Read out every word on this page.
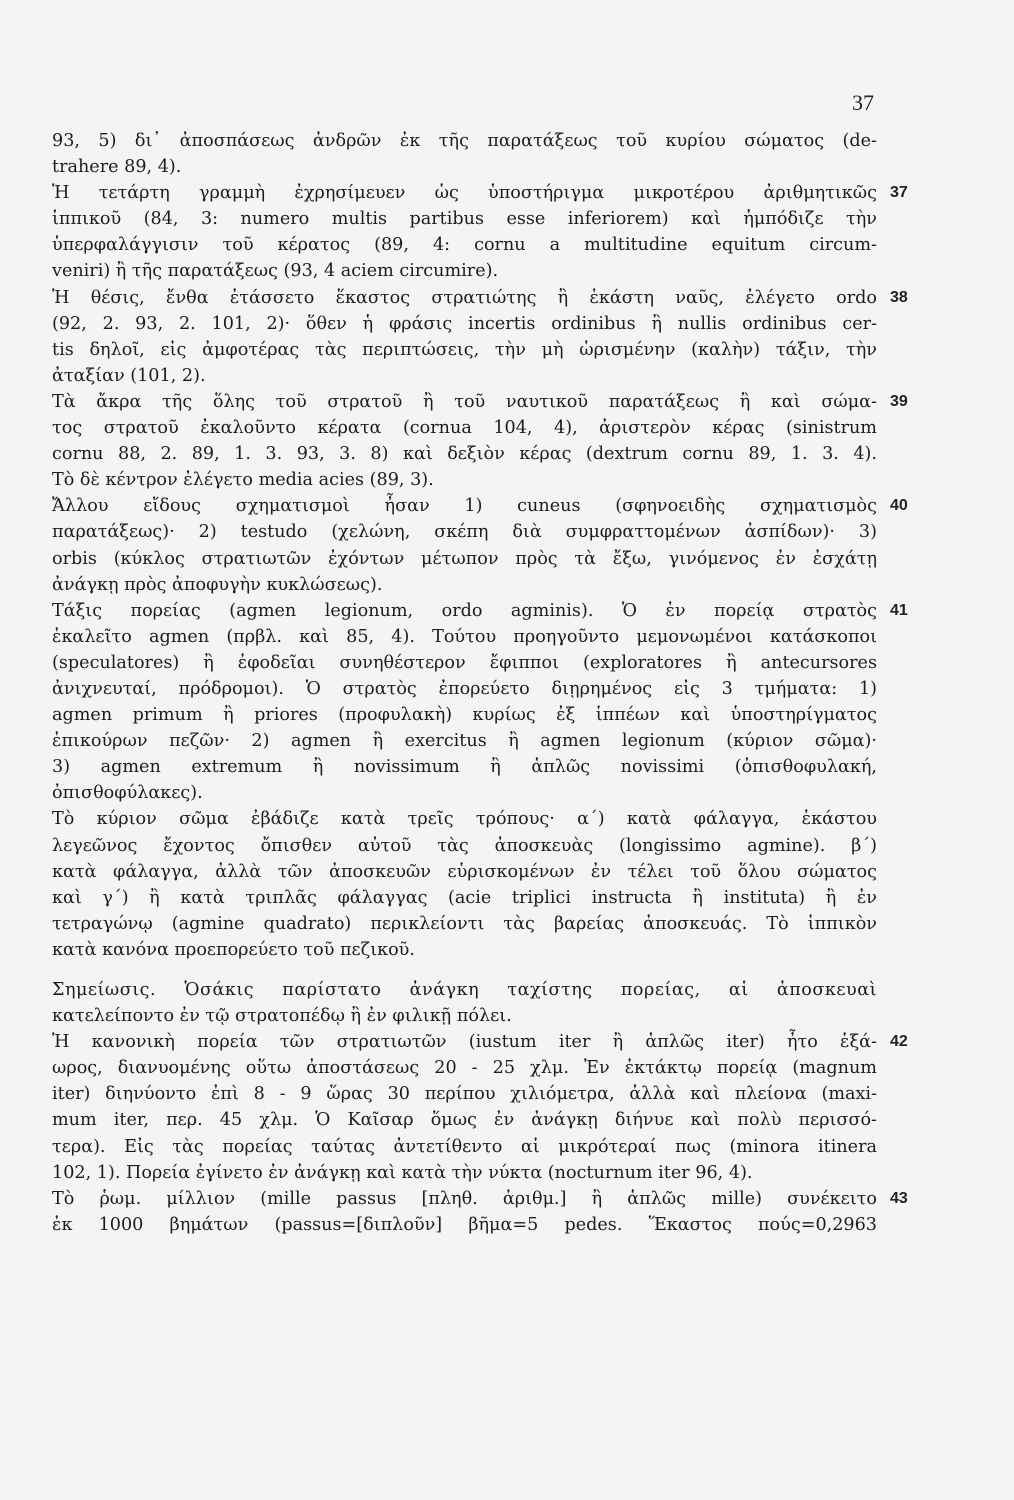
37
93, 5) δι᾽ ἀποσπάσεως ἀνδρῶν ἐκ τῆς παρατάξεως τοῦ κυρίου σώματος (de-
trahere 89, 4).
Ἡ τετάρτη γραμμὴ ἐχρησίμευεν ὡς ὑποστήριγμα μικροτέρου ἀριθμητικῶς 37
ἱππικοῦ (84, 3: numero multis partibus esse inferiorem) καὶ ἠμπόδιζε τὴν
ὑπερφαλάγγισιν τοῦ κέρατος (89, 4: cornu a multitudine equitum circum-
veniri) ἢ τῆς παρατάξεως (93, 4 aciem circumire).
Ἡ θέσις, ἔνθα ἐτάσσετο ἕκαστος στρατιώτης ἢ ἑκάστη ναῦς, ἐλέγετο ordo 38
(92, 2. 93, 2. 101, 2)· ὅθεν ἡ φράσις incertis ordinibus ἢ nullis ordinibus cer-
tis δηλοῖ, εἰς ἀμφοτέρας τὰς περιπτώσεις, τὴν μὴ ὡρισμένην (καλὴν) τάξιν, τὴν
ἀταξίαν (101, 2).
Τὰ ἄκρα τῆς ὅλης τοῦ στρατοῦ ἢ τοῦ ναυτικοῦ παρατάξεως ἢ καὶ σώμα- 39
τος στρατοῦ ἐκαλοῦντο κέρατα (cornua 104, 4), ἀριστερὸν κέρας (sinistrum
cornu 88, 2. 89, 1. 3. 93, 3. 8) καὶ δεξιὸν κέρας (dextrum cornu 89, 1. 3. 4).
Τὸ δὲ κέντρον ἐλέγετο media acies (89, 3).
Ἄλλου εἴδους σχηματισμοὶ ἦσαν 1) cuneus (σφηνοειδὴς σχηματισμὸς 40
παρατάξεως)· 2) testudo (χελώνη, σκέπη διὰ συμφραττομένων ἀσπίδων)· 3)
orbis (κύκλος στρατιωτῶν ἐχόντων μέτωπον πρὸς τὰ ἔξω, γινόμενος ἐν ἐσχάτῃ
ἀνάγκῃ πρὸς ἀποφυγὴν κυκλώσεως).
Τάξις πορείας (agmen legionum, ordo agminis). Ὁ ἐν πορείᾳ στρατὸς 41
ἐκαλεῖτο agmen (πρβλ. καὶ 85, 4). Τούτου προηγοῦντο μεμονωμένοι κατάσκοποι
(speculatores) ἢ ἐφοδεῖαι συνηθέστερον ἔφιπποι (exploratores ἢ antecursores
ἀνιχνευταί, πρόδρομοι). Ὁ στρατὸς ἐπορεύετο διῃρημένος εἰς 3 τμήματα: 1)
agmen primum ἢ priores (προφυλακὴ) κυρίως ἐξ ἱππέων καὶ ὑποστηρίγματος
ἐπικούρων πεζῶν· 2) agmen ἢ exercitus ἢ agmen legionum (κύριον σῶμα)·
3) agmen extremum ἢ novissimum ἢ ἁπλῶς novissimi (ὀπισθοφυλακή,
ὀπισθοφύλακες).
Τὸ κύριον σῶμα ἐβάδιζε κατὰ τρεῖς τρόπους· α´) κατὰ φάλαγγα, ἑκάστου
λεγεῶνος ἔχοντος ὄπισθεν αὐτοῦ τὰς ἀποσκευὰς (longissimo agmine). β´)
κατὰ φάλαγγα, ἀλλὰ τῶν ἀποσκευῶν εὑρισκομένων ἐν τέλει τοῦ ὅλου σώματος
καὶ γ´) ἢ κατὰ τριπλᾶς φάλαγγας (acie triplici instructa ἢ instituta) ἢ ἐν
τετραγώνῳ (agmine quadrato) περικλείοντι τὰς βαρείας ἀποσκευάς. Τὸ ἱππικὸν
κατὰ κανόνα προεπορεύετο τοῦ πεζικοῦ.
Σημείωσις. Ὁσάκις παρίστατο ἀνάγκη ταχίστης πορείας, αἱ ἀποσκευαὶ
κατελείποντο ἐν τῷ στρατοπέδῳ ἢ ἐν φιλικῇ πόλει.
Ἡ κανονικὴ πορεία τῶν στρατιωτῶν (iustum iter ἢ ἁπλῶς iter) ἦτο ἑξά- 42
ωρος, διανυομένης οὕτω ἀποστάσεως 20 - 25 χλμ. Ἐν ἐκτάκτῳ πορείᾳ (magnum
iter) διηνύοντο ἐπὶ 8 - 9 ὥρας 30 περίπου χιλιόμετρα, ἀλλὰ καὶ πλείονα (maxi-
mum iter, περ. 45 χλμ. Ὁ Καῖσαρ ὅμως ἐν ἀνάγκῃ διήνυε καὶ πολὺ περισσό-
τερα). Εἰς τὰς πορείας ταύτας ἀντετίθεντο αἱ μικρότεραί πως (minora itinera
102, 1). Πορεία ἐγίνετο ἐν ἀνάγκῃ καὶ κατὰ τὴν νύκτα (nocturnum iter 96, 4).
Τὸ ῥωμ. μίλλιον (mille passus [πληθ. ἀριθμ.] ἢ ἁπλῶς mille) συνέκειτο 43
ἐκ 1000 βημάτων (passus=[διπλοῦν] βῆμα=5 pedes. Ἕκαστος πούς=0,2963
